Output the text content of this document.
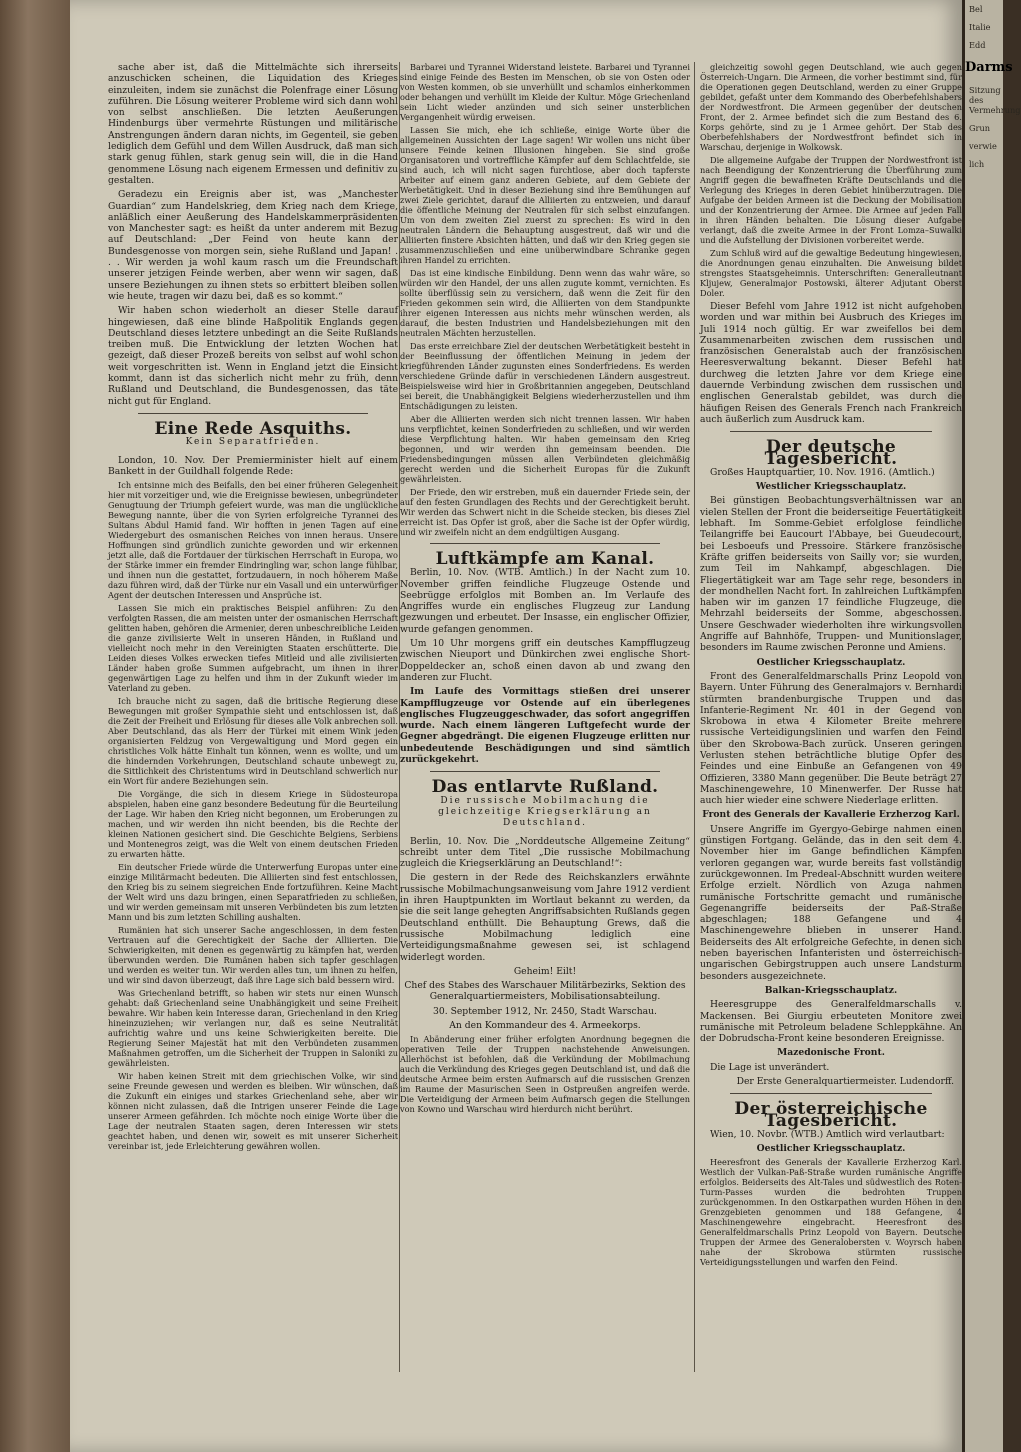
sache aber ist, daß die Mittelmächte sich ihrerseits anzuschicken scheinen, die Liquidation des Krieges einzuleiten, indem sie zunächst die Polenfrage einer Lösung zuführen. Die Lösung weiterer Probleme wird sich dann wohl von selbst anschließen. Die letzten Aeußerungen Hindenburgs über vermehrte Rüstungen und militärische Anstrengungen ändern daran nichts, im Gegenteil, sie geben lediglich dem Gefühl und dem Willen Ausdruck, daß man sich stark genug fühlen, stark genug sein will, die in die Hand genommene Lösung nach eigenem Ermessen und definitiv zu gestalten.

Geradezu ein Ereignis aber ist, was „Manchester Guardian“ zum Handelskrieg, dem Krieg nach dem Kriege, anläßlich einer Aeußerung des Handelskammerpräsidenten von Manchester sagt: es heißt da unter anderem mit Bezug auf Deutschland: „Der Feind von heute kann der Bundesgenosse von morgen sein, siehe Rußland und Japan! . . . Wir werden ja wohl kaum rasch um die Freundschaft unserer jetzigen Feinde werben, aber wenn wir sagen, daß unsere Beziehungen zu ihnen stets so erbittert bleiben sollen wie heute, tragen wir dazu bei, daß es so kommt.“

Wir haben schon wiederholt an dieser Stelle darauf hingewiesen, daß eine blinde Haßpolitik Englands gegen Deutschland dieses letztere unbedingt an die Seite Rußlands treiben muß. Die Entwicklung der letzten Wochen hat gezeigt, daß dieser Prozeß bereits von selbst auf wohl schon weit vorgeschritten ist. Wenn in England jetzt die Einsicht kommt, dann ist das sicherlich nicht mehr zu früh, denn Rußland und Deutschland, die Bundesgenossen, das täte nicht gut für England.

Eine Rede Asquiths.
Kein Separatfrieden.

London, 10. Nov. Der Premierminister hielt auf einem Bankett in der Guildhall folgende Rede:

Ich entsinne mich des Beifalls, den bei einer früheren Gelegenheit hier mit vorzeitiger und, wie die Ereignisse bewiesen, unbegründeter Genugtuung der Triumph gefeiert wurde, was man die unglückliche Bewegung nannte, über die von Syrien erfolgreiche Tyrannei des Sultans Abdul Hamid fand. Wir hofften in jenen Tagen auf eine Wiedergeburt des osmanischen Reiches von innen heraus. Unsere Hoffnungen sind gründlich zunichte geworden und wir erkennen jetzt alle, daß die Fortdauer der türkischen Herrschaft in Europa, wo der Stärke immer ein fremder Eindringling war, schon lange fühlbar, und ihnen nun die gestattet, fortzudauern, in noch höherem Maße dazu führen wird, daß der Türke nur ein Vasall und ein unterwürfiger Agent der deutschen Interessen und Ansprüche ist.

Lassen Sie mich ein praktisches Beispiel anführen: Zu den verfolgten Rassen, die am meisten unter der osmanischen Herrschaft gelitten haben, gehören die Armenier, deren unbeschreibliche Leiden die ganze zivilisierte Welt in unseren Händen, in Rußland und vielleicht noch mehr in den Vereinigten Staaten erschütterte. Die Leiden dieses Volkes erwecken tiefes Mitleid und alle zivilisierten Länder haben große Summen aufgebracht, um ihnen in ihrer gegenwärtigen Lage zu helfen und ihm in der Zukunft wieder im Vaterland zu geben.

Ich brauche nicht zu sagen, daß die britische Regierung diese Bewegungen mit großer Sympathie sieht und entschlossen ist, daß die Zeit der Freiheit und Erlösung für dieses alle Volk anbrechen soll. Aber Deutschland, das als Herr der Türkei mit einem Wink jeden organisierten Feldzug von Vergewaltigung und Mord gegen ein christliches Volk hätte Einhalt tun können, wenn es wollte, und um die hindernden Vorkehrungen, Deutschland schaute unbewegt zu, die Sittlichkeit des Christentums wird in Deutschland schwerlich nur ein Wort für andere Beziehungen sein.

Die Vorgänge, die sich in diesem Kriege in Südosteuropa abspielen, haben eine ganz besondere Bedeutung für die Beurteilung der Lage. Wir haben den Krieg nicht begonnen, um Eroberungen zu machen, und wir werden ihn nicht beenden, bis die Rechte der kleinen Nationen gesichert sind. Die Geschichte Belgiens, Serbiens und Montenegros zeigt, was die Welt von einem deutschen Frieden zu erwarten hätte.

Ein deutscher Friede würde die Unterwerfung Europas unter eine einzige Militärmacht bedeuten. Die Alliierten sind fest entschlossen, den Krieg bis zu seinem siegreichen Ende fortzuführen. Keine Macht der Welt wird uns dazu bringen, einen Separatfrieden zu schließen, und wir werden gemeinsam mit unseren Verbündeten bis zum letzten Mann und bis zum letzten Schilling aushalten.

Rumänien hat sich unserer Sache angeschlossen, in dem festen Vertrauen auf die Gerechtigkeit der Sache der Alliierten. Die Schwierigkeiten, mit denen es gegenwärtig zu kämpfen hat, werden überwunden werden. Die Rumänen haben sich tapfer geschlagen und werden es weiter tun. Wir werden alles tun, um ihnen zu helfen, und wir sind davon überzeugt, daß ihre Lage sich bald bessern wird.

Was Griechenland betrifft, so haben wir stets nur einen Wunsch gehabt: daß Griechenland seine Unabhängigkeit und seine Freiheit bewahre. Wir haben kein Interesse daran, Griechenland in den Krieg hineinzuziehen; wir verlangen nur, daß es seine Neutralität aufrichtig wahre und uns keine Schwierigkeiten bereite. Die Regierung Seiner Majestät hat mit den Verbündeten zusammen Maßnahmen getroffen, um die Sicherheit der Truppen in Saloniki zu gewährleisten.

Wir haben keinen Streit mit dem griechischen Volke, wir sind seine Freunde gewesen und werden es bleiben. Wir wünschen, daß die Zukunft ein einiges und starkes Griechenland sehe, aber wir können nicht zulassen, daß die Intrigen unserer Feinde die Lage unserer Armeen gefährden. Ich möchte noch einige Worte über die Lage der neutralen Staaten sagen, deren Interessen wir stets geachtet haben, und denen wir, soweit es mit unserer Sicherheit vereinbar ist, jede Erleichterung gewähren wollen.

Barbarei und Tyrannei Widerstand leistete. Barbarei und Tyrannei sind einige Feinde des Besten im Menschen, ob sie von Osten oder von Westen kommen, ob sie unverhüllt und schamlos einherkommen oder behangen und verhüllt im Kleide der Kultur. Möge Griechenland sein Licht wieder anzünden und sich seiner unsterblichen Vergangenheit würdig erweisen.

Lassen Sie mich, ehe ich schließe, einige Worte über die allgemeinen Aussichten der Lage sagen! Wir wollen uns nicht über unsere Feinde keinen Illusionen hingeben. Sie sind große Organisatoren und vortreffliche Kämpfer auf dem Schlachtfelde, sie sind auch, ich will nicht sagen furchtlose, aber doch tapferste Arbeiter auf einem ganz anderen Gebiete, auf dem Gebiete der Werbetätigkeit. Und in dieser Beziehung sind ihre Bemühungen auf zwei Ziele gerichtet, darauf die Alliierten zu entzweien, und darauf die öffentliche Meinung der Neutralen für sich selbst einzufangen. Um von dem zweiten Ziel zuerst zu sprechen: Es wird in den neutralen Ländern die Behauptung ausgestreut, daß wir und die Alliierten finstere Absichten hätten, und daß wir den Krieg gegen sie zusammenzuschließen und eine unüberwindbare Schranke gegen ihren Handel zu errichten.

Das ist eine kindische Einbildung. Denn wenn das wahr wäre, so würden wir den Handel, der uns allen zugute kommt, vernichten. Es sollte überflüssig sein zu versichern, daß wenn die Zeit für den Frieden gekommen sein wird, die Alliierten von dem Standpunkte ihrer eigenen Interessen aus nichts mehr wünschen werden, als darauf, die besten Industrien und Handelsbeziehungen mit den neutralen Mächten herzustellen.

Das erste erreichbare Ziel der deutschen Werbetätigkeit besteht in der Beeinflussung der öffentlichen Meinung in jedem der kriegführenden Länder zugunsten eines Sonderfriedens. Es werden verschiedene Gründe dafür in verschiedenen Ländern ausgestreut. Beispielsweise wird hier in Großbritannien angegeben, Deutschland sei bereit, die Unabhängigkeit Belgiens wiederherzustellen und ihm Entschädigungen zu leisten.

Aber die Alliierten werden sich nicht trennen lassen. Wir haben uns verpflichtet, keinen Sonderfrieden zu schließen, und wir werden diese Verpflichtung halten. Wir haben gemeinsam den Krieg begonnen, und wir werden ihn gemeinsam beenden. Die Friedensbedingungen müssen allen Verbündeten gleichmäßig gerecht werden und die Sicherheit Europas für die Zukunft gewährleisten.

Der Friede, den wir erstreben, muß ein dauernder Friede sein, der auf den festen Grundlagen des Rechts und der Gerechtigkeit beruht. Wir werden das Schwert nicht in die Scheide stecken, bis dieses Ziel erreicht ist. Das Opfer ist groß, aber die Sache ist der Opfer würdig, und wir zweifeln nicht an dem endgültigen Ausgang.

Luftkämpfe am Kanal.

Berlin, 10. Nov. (WTB. Amtlich.) In der Nacht zum 10. November griffen feindliche Flugzeuge Ostende und Seebrügge erfolglos mit Bomben an. Im Verlaufe des Angriffes wurde ein englisches Flugzeug zur Landung gezwungen und erbeutet. Der Insasse, ein englischer Offizier, wurde gefangen genommen.

Um 10 Uhr morgens griff ein deutsches Kampfflugzeug zwischen Nieuport und Dünkirchen zwei englische Short-Doppeldecker an, schoß einen davon ab und zwang den anderen zur Flucht.

Im Laufe des Vormittags stießen drei unserer Kampfflugzeuge vor Ostende auf ein überlegenes englisches Flugzeuggeschwader, das sofort angegriffen wurde. Nach einem längeren Luftgefecht wurde der Gegner abgedrängt. Die eigenen Flugzeuge erlitten nur unbedeutende Beschädigungen und sind sämtlich zurückgekehrt.

Das entlarvte Rußland.
Die russische Mobilmachung die gleichzeitige Kriegserklärung an Deutschland.

Berlin, 10. Nov. Die „Norddeutsche Allgemeine Zeitung“ schreibt unter dem Titel „Die russische Mobilmachung zugleich die Kriegserklärung an Deutschland!“:

Die gestern in der Rede des Reichskanzlers erwähnte russische Mobilmachungsanweisung vom Jahre 1912 verdient in ihren Hauptpunkten im Wortlaut bekannt zu werden, da sie die seit lange gehegten Angriffsabsichten Rußlands gegen Deutschland enthüllt. Die Behauptung Grews, daß die russische Mobilmachung lediglich eine Verteidigungsmaßnahme gewesen sei, ist schlagend widerlegt worden.

Geheim! Eilt!
Chef des Stabes des Warschauer Militärbezirks, Sektion des Generalquartiermeisters, Mobilisationsabteilung.
30. September 1912, Nr. 2450, Stadt Warschau.
An den Kommandeur des 4. Armeekorps.

In Abänderung einer früher erfolgten Anordnung begegnen die operativen Teile der Truppen nachstehende Anweisungen. Allerhöchst ist befohlen, daß die Verkündung der Mobilmachung auch die Verkündung des Krieges gegen Deutschland ist, und daß die deutsche Armee beim ersten Aufmarsch auf die russischen Grenzen im Raume der Masurischen Seen in Ostpreußen angreifen werde. Die Verteidigung der Armeen beim Aufmarsch gegen die Stellungen von Kowno und Warschau wird hierdurch nicht berührt.

gleichzeitig sowohl gegen Deutschland, wie auch gegen Österreich-Ungarn. Die Armeen, die vorher bestimmt sind, für die Operationen gegen Deutschland, werden zu einer Gruppe gebildet, gefaßt unter dem Kommando des Oberbefehlshabers der Nordwestfront. Die Armeen gegenüber der deutschen Front, der 2. Armee befindet sich die zum Bestand des 6. Korps gehörte, sind zu je 1 Armee gehört. Der Stab des Oberbefehlshabers der Nordwestfront befindet sich in Warschau, derjenige in Wolkowsk.

Die allgemeine Aufgabe der Truppen der Nordwestfront ist nach Beendigung der Konzentrierung die Überführung zum Angriff gegen die bewaffneten Kräfte Deutschlands und die Verlegung des Krieges in deren Gebiet hinüberzutragen. Die Aufgabe der beiden Armeen ist die Deckung der Mobilisation und der Konzentrierung der Armee. Die Armee auf jeden Fall in ihren Händen behalten. Die Lösung dieser Aufgabe verlangt, daß die zweite Armee in der Front Lomza–Suwalki und die Aufstellung der Divisionen vorbereitet werde.

Zum Schluß wird auf die gewaltige Bedeutung hingewiesen, die Anordnungen genau einzuhalten. Die Anweisung bildet strengstes Staatsgeheimnis. Unterschriften: Generalleutnant Kljujew, Generalmajor Postowski, älterer Adjutant Oberst Doler.

Dieser Befehl vom Jahre 1912 ist nicht aufgehoben worden und war mithin bei Ausbruch des Krieges im Juli 1914 noch gültig. Er war zweifellos bei dem Zusammenarbeiten zwischen dem russischen und französischen Generalstab auch der französischen Heeresverwaltung bekannt. Dieser Befehl hat durchweg die letzten Jahre vor dem Kriege eine dauernde Verbindung zwischen dem russischen und englischen Generalstab gebildet, was durch die häufigen Reisen des Generals French nach Frankreich auch äußerlich zum Ausdruck kam.

Der deutsche Tagesbericht.

Großes Hauptquartier, 10. Nov. 1916. (Amtlich.)

Westlicher Kriegsschauplatz.

Bei günstigen Beobachtungsverhältnissen war an vielen Stellen der Front die beiderseitige Feuertätigkeit lebhaft. Im Somme-Gebiet erfolglose feindliche Teilangriffe bei Eaucourt l'Abbaye, bei Gueudecourt, bei Lesboeufs und Pressoire. Stärkere französische Kräfte griffen beiderseits von Sailly vor; sie wurden, zum Teil im Nahkampf, abgeschlagen. Die Fliegertätigkeit war am Tage sehr rege, besonders in der mondhellen Nacht fort. In zahlreichen Luftkämpfen haben wir im ganzen 17 feindliche Flugzeuge, die Mehrzahl beiderseits der Somme, abgeschossen. Unsere Geschwader wiederholten ihre wirkungsvollen Angriffe auf Bahnhöfe, Truppen- und Munitionslager, besonders im Raume zwischen Peronne und Amiens.

Oestlicher Kriegsschauplatz.

Front des Generalfeldmarschalls Prinz Leopold von Bayern. Unter Führung des Generalmajors v. Bernhardi stürmten brandenburgische Truppen und das Infanterie-Regiment Nr. 401 in der Gegend von Skrobowa in etwa 4 Kilometer Breite mehrere russische Verteidigungslinien und warfen den Feind über den Skrobowa-Bach zurück. Unseren geringen Verlusten stehen beträchtliche blutige Opfer des Feindes und eine Einbuße an Gefangenen von 49 Offizieren, 3380 Mann gegenüber. Die Beute beträgt 27 Maschinengewehre, 10 Minenwerfer. Der Russe hat auch hier wieder eine schwere Niederlage erlitten.

Front des Generals der Kavallerie Erzherzog Karl.

Unsere Angriffe im Gyergyo-Gebirge nahmen einen günstigen Fortgang. Gelände, das in den seit dem 4. November hier im Gange befindlichen Kämpfen verloren gegangen war, wurde bereits fast vollständig zurückgewonnen. Im Predeal-Abschnitt wurden weitere Erfolge erzielt. Nördlich von Azuga nahmen rumänische Fortschritte gemacht und rumänische Gegenangriffe beiderseits der Paß-Straße abgeschlagen; 188 Gefangene und 4 Maschinengewehre blieben in unserer Hand. Beiderseits des Alt erfolgreiche Gefechte, in denen sich neben bayerischen Infanteristen und österreichisch-ungarischen Gebirgstruppen auch unsere Landsturm besonders ausgezeichnete.

Balkan-Kriegsschauplatz.

Heeresgruppe des Generalfeldmarschalls v. Mackensen. Bei Giurgiu erbeuteten Monitore zwei rumänische mit Petroleum beladene Schleppkähne. An der Dobrudscha-Front keine besonderen Ereignisse.

Mazedonische Front.

Die Lage ist unverändert.

Der Erste Generalquartiermeister. Ludendorff.
Der österreichische Tagesbericht.

Wien, 10. Novbr. (WTB.) Amtlich wird verlautbart:

Oestlicher Kriegsschauplatz.

Heeresfront des Generals der Kavallerie Erzherzog Karl. Westlich der Vulkan-Paß-Straße wurden rumänische Angriffe erfolglos. Beiderseits des Alt-Tales und südwestlich des Roten-Turm-Passes wurden die bedrohten Truppen zurückgenommen. In den Ostkarpathen wurden Höhen in den Grenzgebieten genommen und 188 Gefangene, 4 Maschinengewehre eingebracht. Heeresfront des Generalfeldmarschalls Prinz Leopold von Bayern. Deutsche Truppen der Armee des Generalobersten v. Woyrsch haben nahe der Skrobowa stürmten russische Verteidigungsstellungen und warfen den Feind.

Bel
Italie
Edd
Darms
Sitzung des Vermehrung
Grun
verwie
lich
